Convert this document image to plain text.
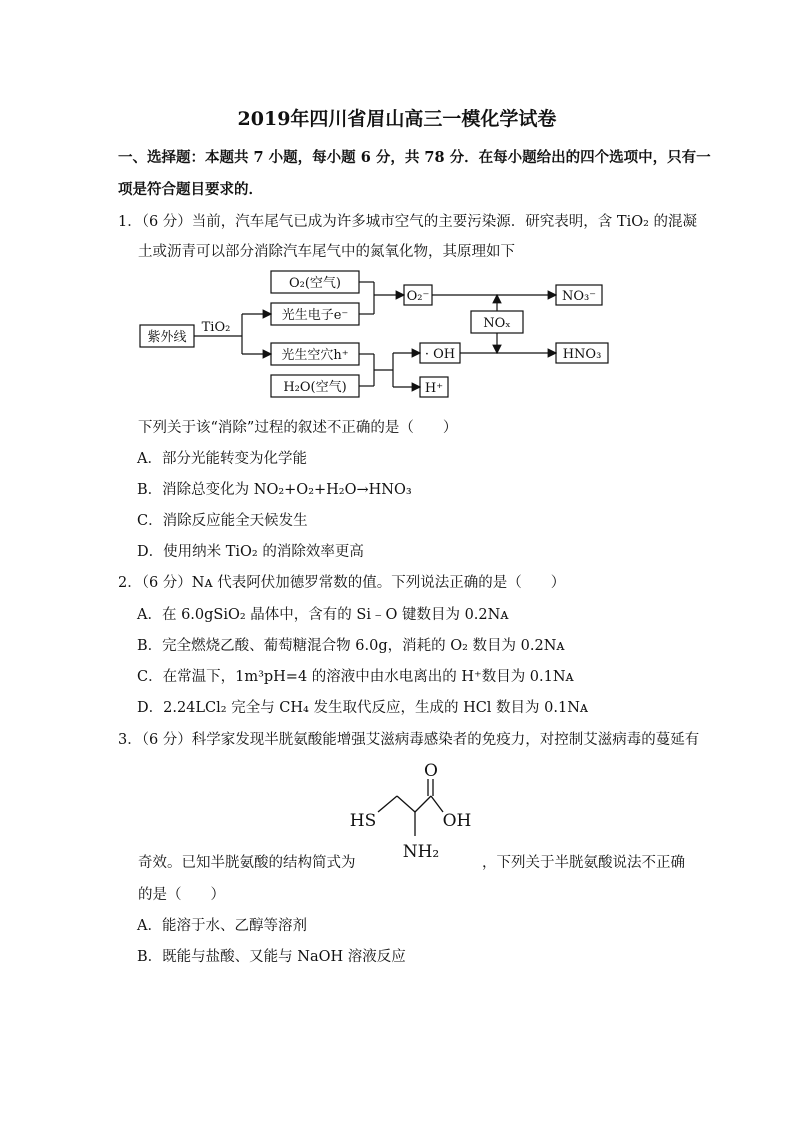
2019年四川省眉山高三一模化学试卷
一、选择题：本题共 7 小题，每小题 6 分，共 78 分．在每小题给出的四个选项中，只有一
项是符合题目要求的．
1．（6 分）当前，汽车尾气已成为许多城市空气的主要污染源．研究表明，含 TiO₂ 的混凝
土或沥青可以部分消除汽车尾气中的氮氧化物，其原理如下
紫外线
TiO₂
O₂(空气)
光生电子e⁻
光生空穴h⁺
H₂O(空气)
O₂⁻
· OH
H⁺
NOₓ
NO₃⁻
HNO₃
下列关于该“消除”过程的叙述不正确的是（　　）
A．部分光能转变为化学能
B．消除总变化为 NO₂+O₂+H₂O→HNO₃
C．消除反应能全天候发生
D．使用纳米 TiO₂ 的消除效率更高
2．（6 分）Nᴀ 代表阿伏加德罗常数的值。下列说法正确的是（　　）
A．在 6.0gSiO₂ 晶体中，含有的 Si﹣O 键数目为 0.2Nᴀ
B．完全燃烧乙酸、葡萄糖混合物 6.0g，消耗的 O₂ 数目为 0.2Nᴀ
C．在常温下，1m³pH=4 的溶液中由水电离出的 H⁺数目为 0.1Nᴀ
D．2.24LCl₂ 完全与 CH₄ 发生取代反应，生成的 HCl 数目为 0.1Nᴀ
3．（6 分）科学家发现半胱氨酸能增强艾滋病毒感染者的免疫力，对控制艾滋病毒的蔓延有
O
HS	OH
NH₂
奇效。已知半胱氨酸的结构简式为	，下列关于半胱氨酸说法不正确
的是（　　）
A．能溶于水、乙醇等溶剂
B．既能与盐酸、又能与 NaOH 溶液反应
